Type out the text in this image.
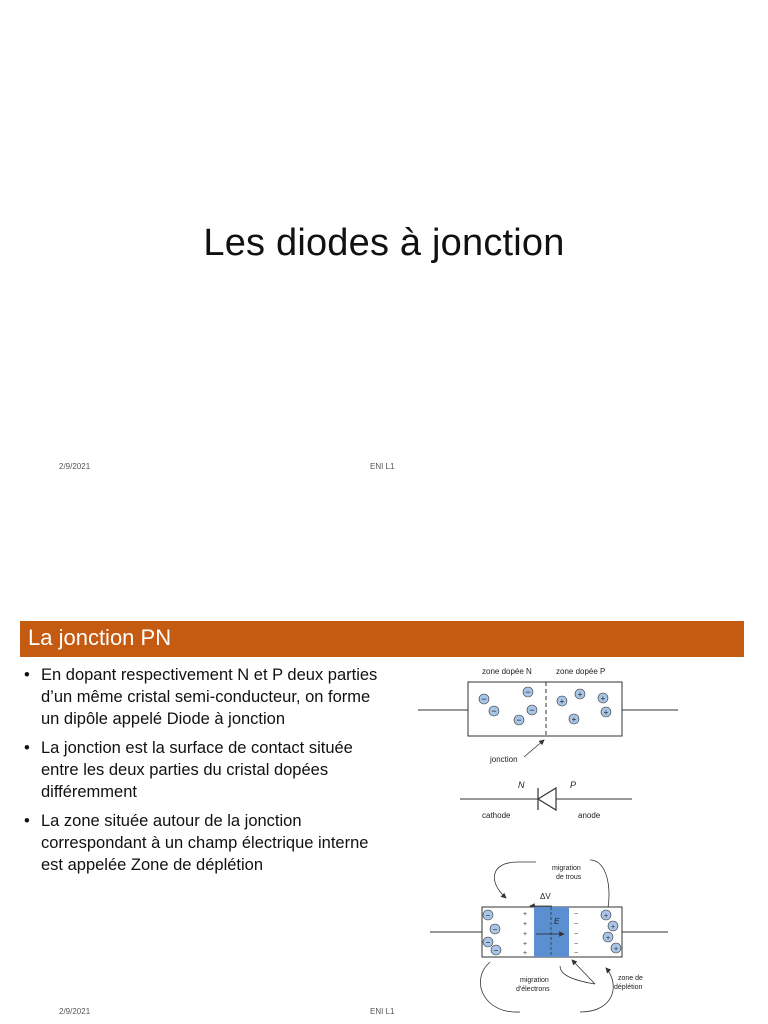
Les diodes à jonction
2/9/2021	ENI L1
La jonction PN
• En dopant respectivement N et P deux parties d’un même cristal semi-conducteur, on forme un dipôle appelé Diode à jonction
• La jonction est la surface de contact située entre les deux parties du cristal dopées différemment
• La zone située autour de la jonction correspondant à un champ électrique interne est appelée Zone de déplétion
zone dopée N	zone dopée P
−
−
−
−
−
+
+ +
+
+
jonction
N	P
cathode	anode
migration de trous
ΔV
E
+
+
+
+
+
−
−
−
−
−
−
−
−
−
+
+
+
+
zone de déplétion
migration d'électrons
2/9/2021	ENI L1
